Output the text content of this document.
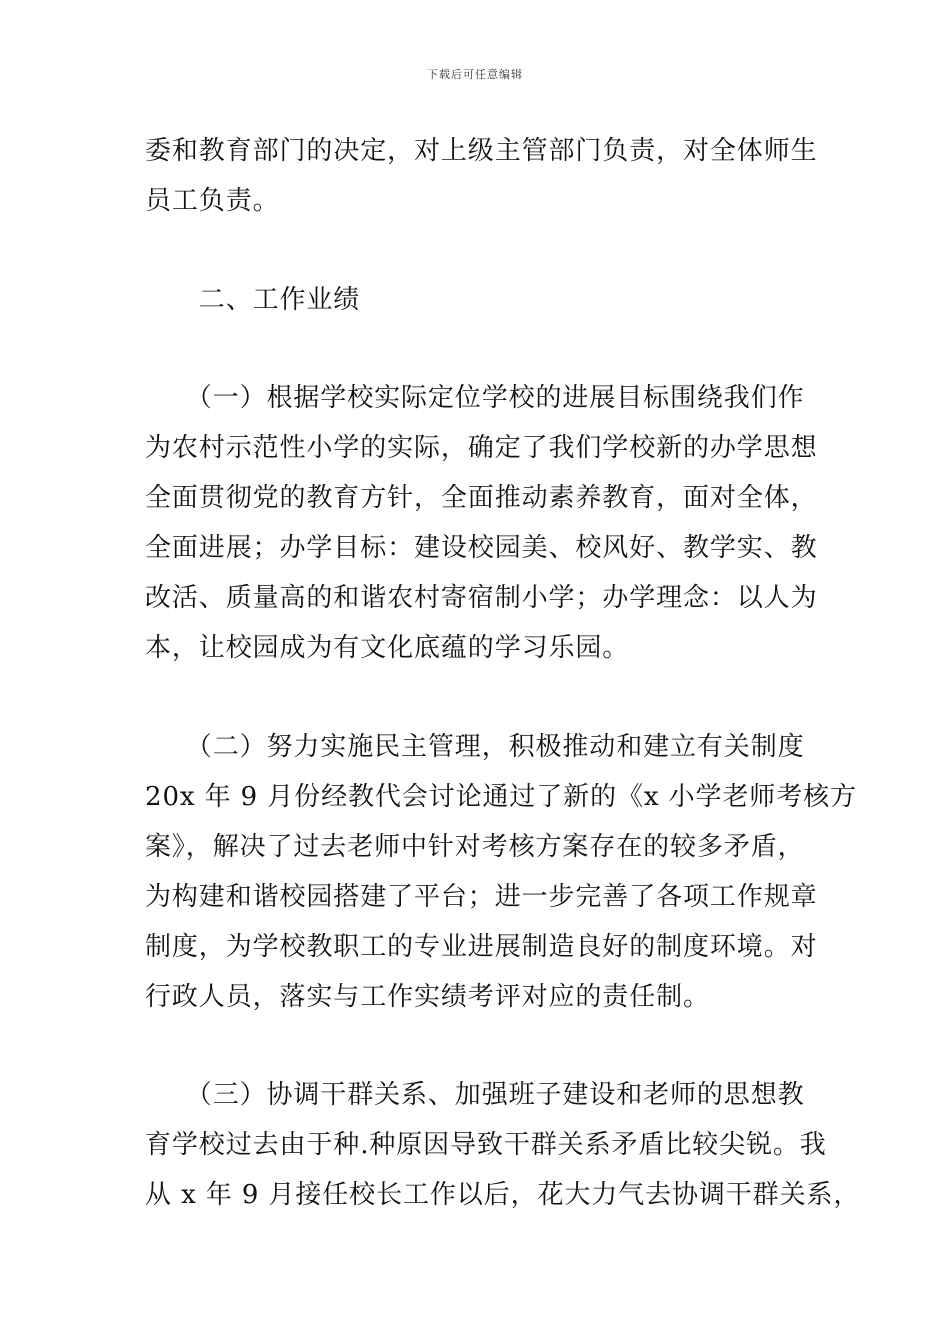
下载后可任意编辑
委和教育部门的决定，对上级主管部门负责，对全体师生
员工负责。
　　二、工作业绩
　　（一）根据学校实际定位学校的进展目标围绕我们作
为农村示范性小学的实际，确定了我们学校新的办学思想
全面贯彻党的教育方针，全面推动素养教育，面对全体，
全面进展；办学目标：建设校园美、校风好、教学实、教
改活、质量高的和谐农村寄宿制小学；办学理念：以人为
本，让校园成为有文化底蕴的学习乐园。
　　（二）努力实施民主管理，积极推动和建立有关制度
20x 年 9 月份经教代会讨论通过了新的《x 小学老师考核方
案》，解决了过去老师中针对考核方案存在的较多矛盾，
为构建和谐校园搭建了平台；进一步完善了各项工作规章
制度，为学校教职工的专业进展制造良好的制度环境。对
行政人员，落实与工作实绩考评对应的责任制。
　　（三）协调干群关系、加强班子建设和老师的思想教
育学校过去由于种.种原因导致干群关系矛盾比较尖锐。我
从 x 年 9 月接任校长工作以后，花大力气去协调干群关系，
